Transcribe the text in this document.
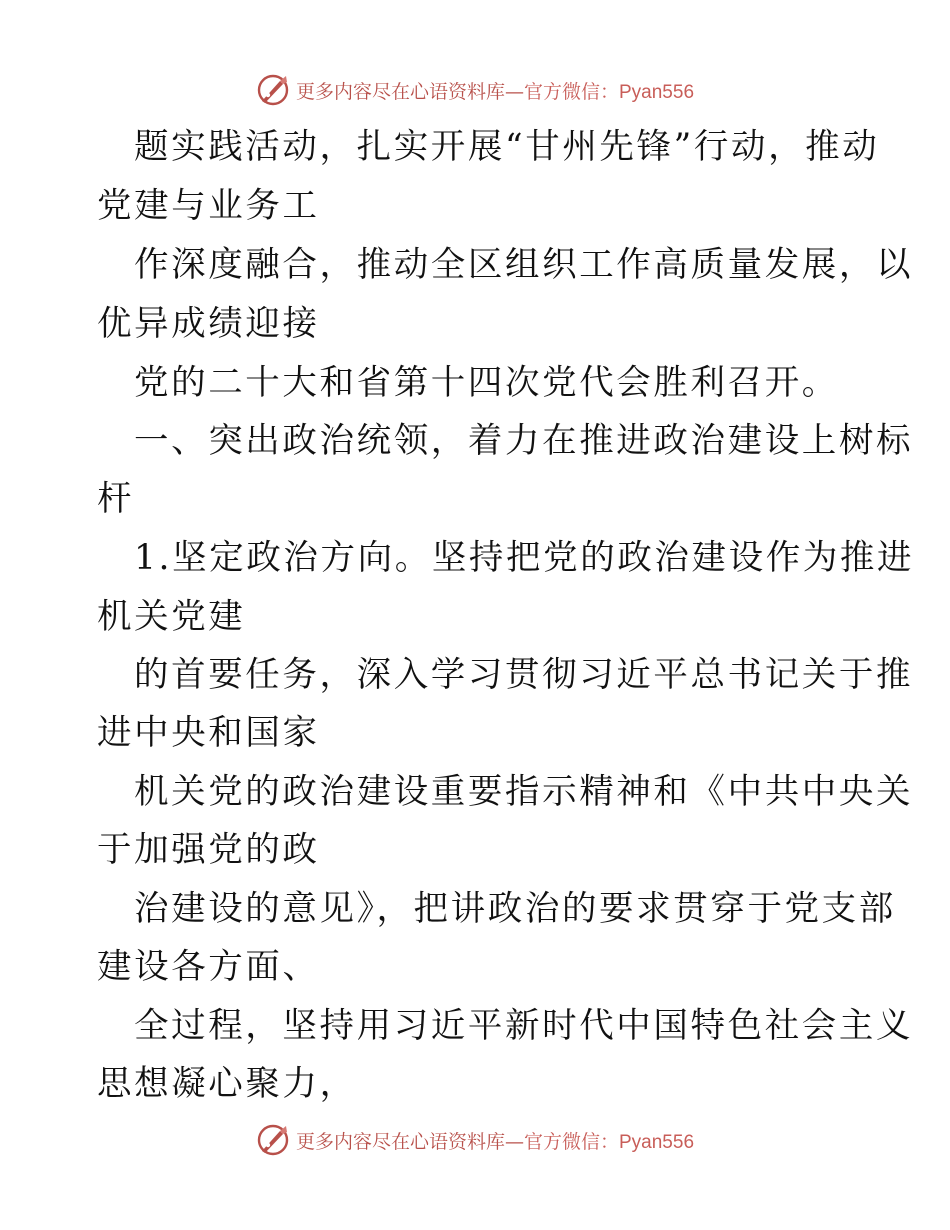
更多内容尽在心语资料库—官方微信：Pyan556
题实践活动，扎实开展“甘州先锋”行动，推动
党建与业务工
作深度融合，推动全区组织工作高质量发展，以
优异成绩迎接
党的二十大和省第十四次党代会胜利召开。
一、突出政治统领，着力在推进政治建设上树标
杆
1.坚定政治方向。坚持把党的政治建设作为推进
机关党建
的首要任务，深入学习贯彻习近平总书记关于推
进中央和国家
机关党的政治建设重要指示精神和《中共中央关
于加强党的政
治建设的意见》，把讲政治的要求贯穿于党支部
建设各方面、
全过程，坚持用习近平新时代中国特色社会主义
思想凝心聚力，
更多内容尽在心语资料库—官方微信：Pyan556
